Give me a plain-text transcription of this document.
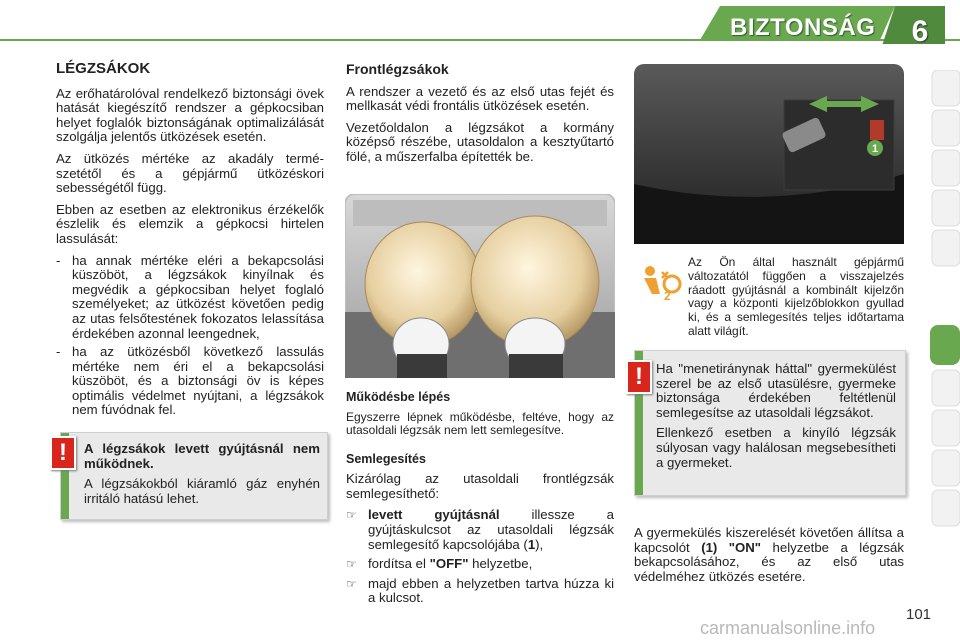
BIZTONSÁG	6
LÉGZSÁKOK

Az erőhatárolóval rendelkező biztonsági övek hatását kiegészítő rendszer a gépkocsiban helyet foglalók biztonságának optimalizálását szolgálja jelentős ütközések esetén.

Az ütközés mértéke az akadály termé-szetétől és a gépjármű ütközéskori sebességétől függ.

Ebben az esetben az elektronikus érzékelők észlelik és elemzik a gépkocsi hirtelen lassulását:

- ha annak mértéke eléri a bekapcsolási küszöböt, a légzsákok kinyílnak és megvédik a gépkocsiban helyet foglaló személyeket; az ütközést követően pedig az utas felsőtestének fokozatos lelassítása érdekében azonnal leengednek,
- ha az ütközésből következő lassulás mértéke nem éri el a bekapcsolási küszöböt, és a biztonsági öv is képes optimális védelmet nyújtani, a légzsákok nem fúvódnak fel.
!	A légzsákok levett gyújtásnál nem működnek.

A légzsákokból kiáramló gáz enyhén irritáló hatású lehet.

Frontlégzsákok

A rendszer a vezető és az első utas fejét és mellkasát védi frontális ütközések esetén.

Vezetőoldalon a légzsákot a kormány középső részébe, utasoldalon a kesztyűtartó fölé, a műszerfalba építették be.

Működésbe lépés

Egyszerre lépnek működésbe, feltéve, hogy az utasoldali légzsák nem lett semlegesítve.

Semlegesítés

Kizárólag az utasoldali frontlégzsák semlegesíthető:

☞ levett gyújtásnál illessze a gyújtáskulcsot az utasoldali légzsák semlegesítő kapcsolójába (1),
☞ fordítsa el "OFF" helyzetbe,
☞ majd ebben a helyzetben tartva húzza ki a kulcsot.
1
2
Az Ön által használt gépjármű változatától függően a visszajelzés ráadott gyújtásnál a kombinált kijelzőn vagy a központi kijelzőblokkon gyullad ki, és a semlegesítés teljes időtartama alatt világít.
! Ha "menetiránynak háttal" gyermekülést szerel be az első utasülésre, gyermeke biztonsága érdekében feltétlenül semlegesítse az utasoldali légzsákot.

Ellenkező esetben a kinyíló légzsák súlyosan vagy halálosan megsebesítheti a gyermeket.

A gyermekülés kiszerelését követően állítsa a kapcsolót (1) "ON" helyzetbe a légzsák bekapcsolásához, és az első utas védelméhez ütközés esetére.

carmanualsonline.info
101
